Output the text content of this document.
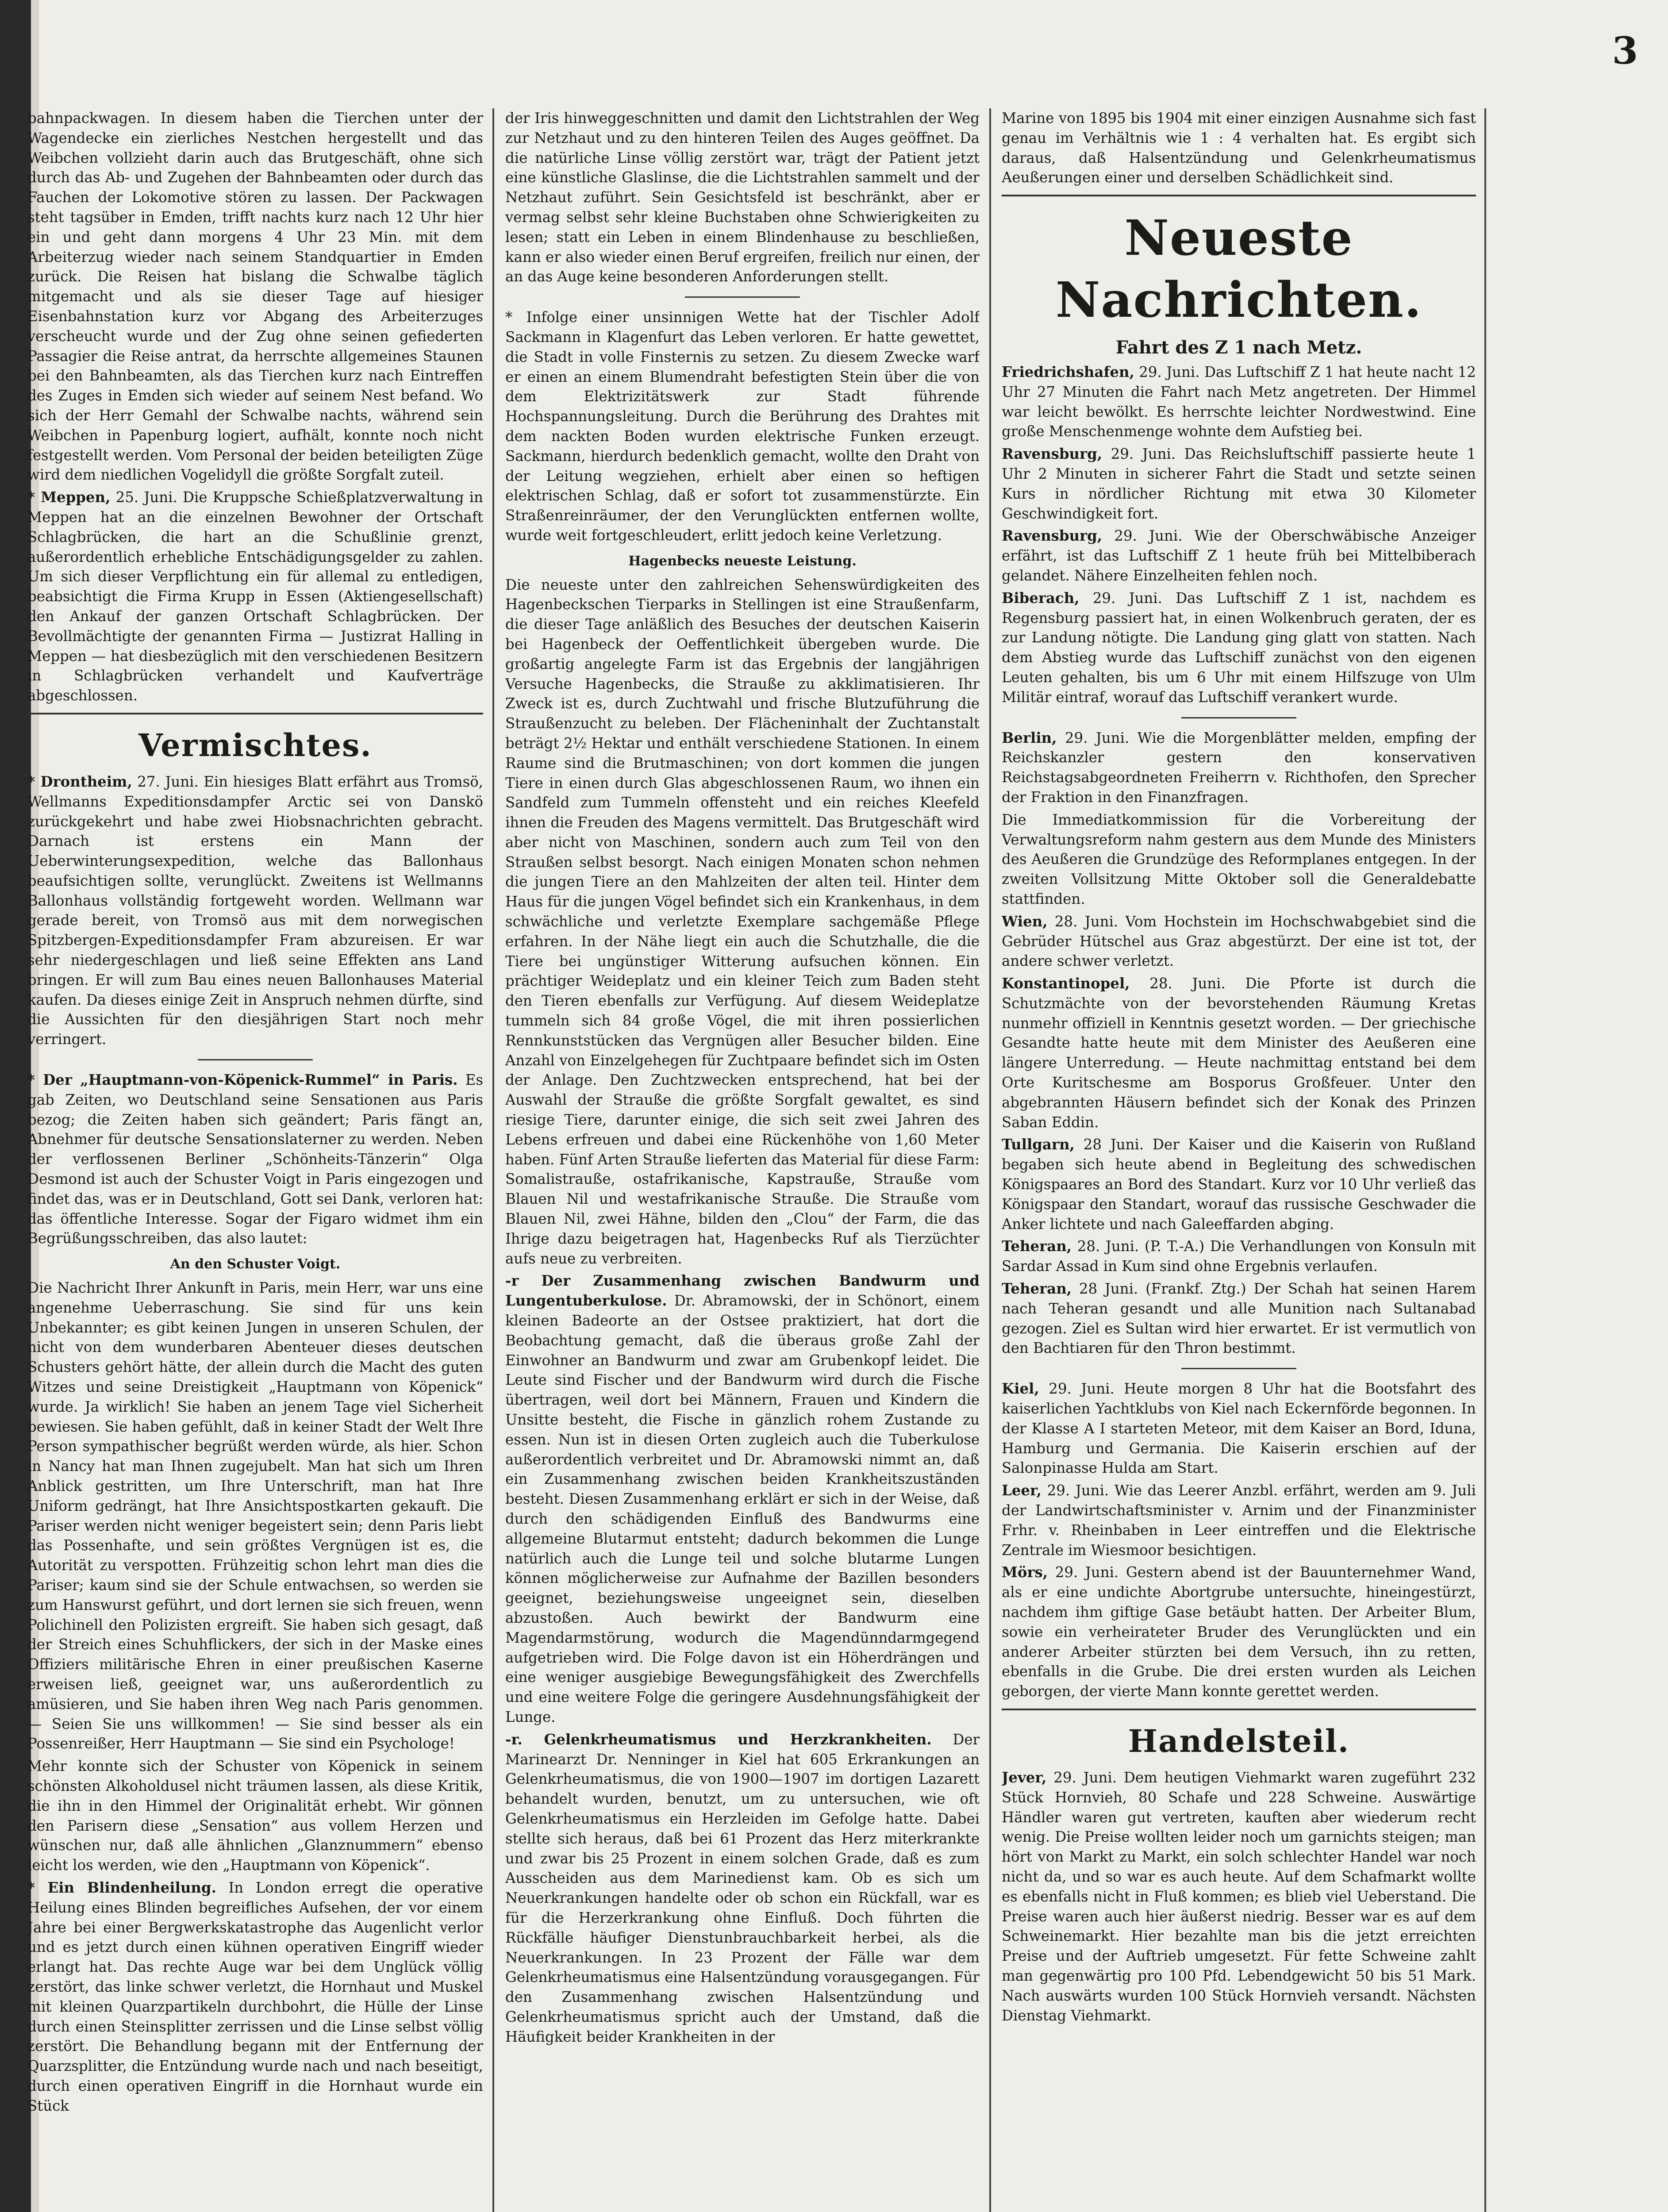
3
bahnpackwagen. In diesem haben die Tierchen unter der Wagendecke ein zierliches Nestchen hergestellt und das Weibchen vollzieht darin auch das Brutgeschäft, ohne sich durch das Ab- und Zugehen der Bahnbeamten oder durch das Fauchen der Lokomotive stören zu lassen. Der Packwagen steht tagsüber in Emden, trifft nachts kurz nach 12 Uhr hier ein und geht dann morgens 4 Uhr 23 Min. mit dem Arbeiterzug wieder nach seinem Standquartier in Emden zurück. Die Reisen hat bislang die Schwalbe täglich mitgemacht und als sie dieser Tage auf hiesiger Eisenbahnstation kurz vor Abgang des Arbeiterzuges verscheucht wurde und der Zug ohne seinen gefiederten Passagier die Reise antrat, da herrschte allgemeines Staunen bei den Bahnbeamten, als das Tierchen kurz nach Eintreffen des Zuges in Emden sich wieder auf seinem Nest befand. Wo sich der Herr Gemahl der Schwalbe nachts, während sein Weibchen in Papenburg logiert, aufhält, konnte noch nicht festgestellt werden. Vom Personal der beiden beteiligten Züge wird dem niedlichen Vogelidyll die größte Sorgfalt zuteil.
* Meppen, 25. Juni. Die Kruppsche Schießplatzverwaltung in Meppen hat an die einzelnen Bewohner der Ortschaft Schlagbrücken, die hart an die Schußlinie grenzt, außerordentlich erhebliche Entschädigungsgelder zu zahlen. Um sich dieser Verpflichtung ein für allemal zu entledigen, beabsichtigt die Firma Krupp in Essen (Aktiengesellschaft) den Ankauf der ganzen Ortschaft Schlagbrücken. Der Bevollmächtigte der genannten Firma — Justizrat Halling in Meppen — hat diesbezüglich mit den verschiedenen Besitzern in Schlagbrücken verhandelt und Kaufverträge abgeschlossen.
Vermischtes.
* Drontheim, 27. Juni. Ein hiesiges Blatt erfährt aus Tromsö, Wellmanns Expeditionsdampfer Arctic sei von Danskö zurückgekehrt und habe zwei Hiobsnachrichten gebracht. Darnach ist erstens ein Mann der Ueberwinterungsexpedition, welche das Ballonhaus beaufsichtigen sollte, verunglückt. Zweitens ist Wellmanns Ballonhaus vollständig fortgeweht worden. Wellmann war gerade bereit, von Tromsö aus mit dem norwegischen Spitzbergen-Expeditionsdampfer Fram abzureisen. Er war sehr niedergeschlagen und ließ seine Effekten ans Land bringen. Er will zum Bau eines neuen Ballonhauses Material kaufen. Da dieses einige Zeit in Anspruch nehmen dürfte, sind die Aussichten für den diesjährigen Start noch mehr verringert.
* Der „Hauptmann-von-Köpenick-Rummel“ in Paris. Es gab Zeiten, wo Deutschland seine Sensationen aus Paris bezog; die Zeiten haben sich geändert; Paris fängt an, Abnehmer für deutsche Sensationslaterner zu werden. Neben der verflossenen Berliner „Schönheits-Tänzerin“ Olga Desmond ist auch der Schuster Voigt in Paris eingezogen und findet das, was er in Deutschland, Gott sei Dank, verloren hat: das öffentliche Interesse. Sogar der Figaro widmet ihm ein Begrüßungsschreiben, das also lautet:
An den Schuster Voigt.
Die Nachricht Ihrer Ankunft in Paris, mein Herr, war uns eine angenehme Ueberraschung. Sie sind für uns kein Unbekannter; es gibt keinen Jungen in unseren Schulen, der nicht von dem wunderbaren Abenteuer dieses deutschen Schusters gehört hätte, der allein durch die Macht des guten Witzes und seine Dreistigkeit „Hauptmann von Köpenick“ wurde. Ja wirklich! Sie haben an jenem Tage viel Sicherheit bewiesen. Sie haben gefühlt, daß in keiner Stadt der Welt Ihre Person sympathischer begrüßt werden würde, als hier. Schon in Nancy hat man Ihnen zugejubelt. Man hat sich um Ihren Anblick gestritten, um Ihre Unterschrift, man hat Ihre Uniform gedrängt, hat Ihre Ansichtspostkarten gekauft. Die Pariser werden nicht weniger begeistert sein; denn Paris liebt das Possenhafte, und sein größtes Vergnügen ist es, die Autorität zu verspotten. Frühzeitig schon lehrt man dies die Pariser; kaum sind sie der Schule entwachsen, so werden sie zum Hanswurst geführt, und dort lernen sie sich freuen, wenn Polichinell den Polizisten ergreift. Sie haben sich gesagt, daß der Streich eines Schuhflickers, der sich in der Maske eines Offiziers militärische Ehren in einer preußischen Kaserne erweisen ließ, geeignet war, uns außerordentlich zu amüsieren, und Sie haben ihren Weg nach Paris genommen. — Seien Sie uns willkommen! — Sie sind besser als ein Possenreißer, Herr Hauptmann — Sie sind ein Psychologe!
Mehr konnte sich der Schuster von Köpenick in seinem schönsten Alkoholdusel nicht träumen lassen, als diese Kritik, die ihn in den Himmel der Originalität erhebt. Wir gönnen den Parisern diese „Sensation“ aus vollem Herzen und wünschen nur, daß alle ähnlichen „Glanznummern“ ebenso leicht los werden, wie den „Hauptmann von Köpenick“.
* Ein Blindenheilung. In London erregt die operative Heilung eines Blinden begreifliches Aufsehen, der vor einem Jahre bei einer Bergwerkskatastrophe das Augenlicht verlor und es jetzt durch einen kühnen operativen Eingriff wieder erlangt hat. Das rechte Auge war bei dem Unglück völlig zerstört, das linke schwer verletzt, die Hornhaut und Muskel mit kleinen Quarzpartikeln durchbohrt, die Hülle der Linse durch einen Steinsplitter zerrissen und die Linse selbst völlig zerstört. Die Behandlung begann mit der Entfernung der Quarzsplitter, die Entzündung wurde nach und nach beseitigt, durch einen operativen Eingriff in die Hornhaut wurde ein Stück
der Iris hinweggeschnitten und damit den Lichtstrahlen der Weg zur Netzhaut und zu den hinteren Teilen des Auges geöffnet. Da die natürliche Linse völlig zerstört war, trägt der Patient jetzt eine künstliche Glaslinse, die die Lichtstrahlen sammelt und der Netzhaut zuführt. Sein Gesichtsfeld ist beschränkt, aber er vermag selbst sehr kleine Buchstaben ohne Schwierigkeiten zu lesen; statt ein Leben in einem Blindenhause zu beschließen, kann er also wieder einen Beruf ergreifen, freilich nur einen, der an das Auge keine besonderen Anforderungen stellt.
* Infolge einer unsinnigen Wette hat der Tischler Adolf Sackmann in Klagenfurt das Leben verloren. Er hatte gewettet, die Stadt in volle Finsternis zu setzen. Zu diesem Zwecke warf er einen an einem Blumendraht befestigten Stein über die von dem Elektrizitätswerk zur Stadt führende Hochspannungsleitung. Durch die Berührung des Drahtes mit dem nackten Boden wurden elektrische Funken erzeugt. Sackmann, hierdurch bedenklich gemacht, wollte den Draht von der Leitung wegziehen, erhielt aber einen so heftigen elektrischen Schlag, daß er sofort tot zusammenstürzte. Ein Straßenreinräumer, der den Verunglückten entfernen wollte, wurde weit fortgeschleudert, erlitt jedoch keine Verletzung.
Hagenbecks neueste Leistung.
Die neueste unter den zahlreichen Sehenswürdigkeiten des Hagenbeckschen Tierparks in Stellingen ist eine Straußenfarm, die dieser Tage anläßlich des Besuches der deutschen Kaiserin bei Hagenbeck der Oeffentlichkeit übergeben wurde. Die großartig angelegte Farm ist das Ergebnis der langjährigen Versuche Hagenbecks, die Strauße zu akklimatisieren. Ihr Zweck ist es, durch Zuchtwahl und frische Blutzuführung die Straußenzucht zu beleben. Der Flächeninhalt der Zuchtanstalt beträgt 2½ Hektar und enthält verschiedene Stationen. In einem Raume sind die Brutmaschinen; von dort kommen die jungen Tiere in einen durch Glas abgeschlossenen Raum, wo ihnen ein Sandfeld zum Tummeln offensteht und ein reiches Kleefeld ihnen die Freuden des Magens vermittelt. Das Brutgeschäft wird aber nicht von Maschinen, sondern auch zum Teil von den Straußen selbst besorgt. Nach einigen Monaten schon nehmen die jungen Tiere an den Mahlzeiten der alten teil. Hinter dem Haus für die jungen Vögel befindet sich ein Krankenhaus, in dem schwächliche und verletzte Exemplare sachgemäße Pflege erfahren. In der Nähe liegt ein auch die Schutzhalle, die die Tiere bei ungünstiger Witterung aufsuchen können. Ein prächtiger Weideplatz und ein kleiner Teich zum Baden steht den Tieren ebenfalls zur Verfügung. Auf diesem Weideplatze tummeln sich 84 große Vögel, die mit ihren possierlichen Rennkunststücken das Vergnügen aller Besucher bilden. Eine Anzahl von Einzelgehegen für Zuchtpaare befindet sich im Osten der Anlage. Den Zuchtzwecken entsprechend, hat bei der Auswahl der Strauße die größte Sorgfalt gewaltet, es sind riesige Tiere, darunter einige, die sich seit zwei Jahren des Lebens erfreuen und dabei eine Rückenhöhe von 1,60 Meter haben. Fünf Arten Strauße lieferten das Material für diese Farm: Somalistrauße, ostafrikanische, Kapstrauße, Strauße vom Blauen Nil und westafrikanische Strauße. Die Strauße vom Blauen Nil, zwei Hähne, bilden den „Clou“ der Farm, die das Ihrige dazu beigetragen hat, Hagenbecks Ruf als Tierzüchter aufs neue zu verbreiten.
-r Der Zusammenhang zwischen Bandwurm und Lungentuberkulose. Dr. Abramowski, der in Schönort, einem kleinen Badeorte an der Ostsee praktiziert, hat dort die Beobachtung gemacht, daß die überaus große Zahl der Einwohner an Bandwurm und zwar am Grubenkopf leidet. Die Leute sind Fischer und der Bandwurm wird durch die Fische übertragen, weil dort bei Männern, Frauen und Kindern die Unsitte besteht, die Fische in gänzlich rohem Zustande zu essen. Nun ist in diesen Orten zugleich auch die Tuberkulose außerordentlich verbreitet und Dr. Abramowski nimmt an, daß ein Zusammenhang zwischen beiden Krankheitszuständen besteht. Diesen Zusammenhang erklärt er sich in der Weise, daß durch den schädigenden Einfluß des Bandwurms eine allgemeine Blutarmut entsteht; dadurch bekommen die Lunge natürlich auch die Lunge teil und solche blutarme Lungen können möglicherweise zur Aufnahme der Bazillen besonders geeignet, beziehungsweise ungeeignet sein, dieselben abzustoßen. Auch bewirkt der Bandwurm eine Magendarmstörung, wodurch die Magendünndarmgegend aufgetrieben wird. Die Folge davon ist ein Höherdrängen und eine weniger ausgiebige Bewegungsfähigkeit des Zwerchfells und eine weitere Folge die geringere Ausdehnungsfähigkeit der Lunge.
-r. Gelenkrheumatismus und Herzkrankheiten. Der Marinearzt Dr. Nenninger in Kiel hat 605 Erkrankungen an Gelenkrheumatismus, die von 1900—1907 im dortigen Lazarett behandelt wurden, benutzt, um zu untersuchen, wie oft Gelenkrheumatismus ein Herzleiden im Gefolge hatte. Dabei stellte sich heraus, daß bei 61 Prozent das Herz miterkrankte und zwar bis 25 Prozent in einem solchen Grade, daß es zum Ausscheiden aus dem Marinedienst kam. Ob es sich um Neuerkrankungen handelte oder ob schon ein Rückfall, war es für die Herzerkrankung ohne Einfluß. Doch führten die Rückfälle häufiger Dienstunbrauchbarkeit herbei, als die Neuerkrankungen. In 23 Prozent der Fälle war dem Gelenkrheumatismus eine Halsentzündung vorausgegangen. Für den Zusammenhang zwischen Halsentzündung und Gelenkrheumatismus spricht auch der Umstand, daß die Häufigkeit beider Krankheiten in der
Marine von 1895 bis 1904 mit einer einzigen Ausnahme sich fast genau im Verhältnis wie 1 : 4 verhalten hat. Es ergibt sich daraus, daß Halsentzündung und Gelenkrheumatismus Aeußerungen einer und derselben Schädlichkeit sind.
Neueste Nachrichten.
Fahrt des Z 1 nach Metz.
Friedrichshafen, 29. Juni. Das Luftschiff Z 1 hat heute nacht 12 Uhr 27 Minuten die Fahrt nach Metz angetreten. Der Himmel war leicht bewölkt. Es herrschte leichter Nordwestwind. Eine große Menschenmenge wohnte dem Aufstieg bei.
Ravensburg, 29. Juni. Das Reichsluftschiff passierte heute 1 Uhr 2 Minuten in sicherer Fahrt die Stadt und setzte seinen Kurs in nördlicher Richtung mit etwa 30 Kilometer Geschwindigkeit fort.
Ravensburg, 29. Juni. Wie der Oberschwäbische Anzeiger erfährt, ist das Luftschiff Z 1 heute früh bei Mittelbiberach gelandet. Nähere Einzelheiten fehlen noch.
Biberach, 29. Juni. Das Luftschiff Z 1 ist, nachdem es Regensburg passiert hat, in einen Wolkenbruch geraten, der es zur Landung nötigte. Die Landung ging glatt von statten. Nach dem Abstieg wurde das Luftschiff zunächst von den eigenen Leuten gehalten, bis um 6 Uhr mit einem Hilfszuge von Ulm Militär eintraf, worauf das Luftschiff verankert wurde.
Berlin, 29. Juni. Wie die Morgenblätter melden, empfing der Reichskanzler gestern den konservativen Reichstagsabgeordneten Freiherrn v. Richthofen, den Sprecher der Fraktion in den Finanzfragen.
Die Immediatkommission für die Vorbereitung der Verwaltungsreform nahm gestern aus dem Munde des Ministers des Aeußeren die Grundzüge des Reformplanes entgegen. In der zweiten Vollsitzung Mitte Oktober soll die Generaldebatte stattfinden.
Wien, 28. Juni. Vom Hochstein im Hochschwabgebiet sind die Gebrüder Hütschel aus Graz abgestürzt. Der eine ist tot, der andere schwer verletzt.
Konstantinopel, 28. Juni. Die Pforte ist durch die Schutzmächte von der bevorstehenden Räumung Kretas nunmehr offiziell in Kenntnis gesetzt worden. — Der griechische Gesandte hatte heute mit dem Minister des Aeußeren eine längere Unterredung. — Heute nachmittag entstand bei dem Orte Kuritschesme am Bosporus Großfeuer. Unter den abgebrannten Häusern befindet sich der Konak des Prinzen Saban Eddin.
Tullgarn, 28 Juni. Der Kaiser und die Kaiserin von Rußland begaben sich heute abend in Begleitung des schwedischen Königspaares an Bord des Standart. Kurz vor 10 Uhr verließ das Königspaar den Standart, worauf das russische Geschwader die Anker lichtete und nach Galeeffarden abging.
Teheran, 28. Juni. (P. T.-A.) Die Verhandlungen von Konsuln mit Sardar Assad in Kum sind ohne Ergebnis verlaufen.
Teheran, 28 Juni. (Frankf. Ztg.) Der Schah hat seinen Harem nach Teheran gesandt und alle Munition nach Sultanabad gezogen. Ziel es Sultan wird hier erwartet. Er ist vermutlich von den Bachtiaren für den Thron bestimmt.
Kiel, 29. Juni. Heute morgen 8 Uhr hat die Bootsfahrt des kaiserlichen Yachtklubs von Kiel nach Eckernförde begonnen. In der Klasse A I starteten Meteor, mit dem Kaiser an Bord, Iduna, Hamburg und Germania. Die Kaiserin erschien auf der Salonpinasse Hulda am Start.
Leer, 29. Juni. Wie das Leerer Anzbl. erfährt, werden am 9. Juli der Landwirtschaftsminister v. Arnim und der Finanzminister Frhr. v. Rheinbaben in Leer eintreffen und die Elektrische Zentrale im Wiesmoor besichtigen.
Mörs, 29. Juni. Gestern abend ist der Bauunternehmer Wand, als er eine undichte Abortgrube untersuchte, hineingestürzt, nachdem ihm giftige Gase betäubt hatten. Der Arbeiter Blum, sowie ein verheirateter Bruder des Verunglückten und ein anderer Arbeiter stürzten bei dem Versuch, ihn zu retten, ebenfalls in die Grube. Die drei ersten wurden als Leichen geborgen, der vierte Mann konnte gerettet werden.
Handelsteil.
Jever, 29. Juni. Dem heutigen Viehmarkt waren zugeführt 232 Stück Hornvieh, 80 Schafe und 228 Schweine. Auswärtige Händler waren gut vertreten, kauften aber wiederum recht wenig. Die Preise wollten leider noch um garnichts steigen; man hört von Markt zu Markt, ein solch schlechter Handel war noch nicht da, und so war es auch heute. Auf dem Schafmarkt wollte es ebenfalls nicht in Fluß kommen; es blieb viel Ueberstand. Die Preise waren auch hier äußerst niedrig. Besser war es auf dem Schweinemarkt. Hier bezahlte man bis die jetzt erreichten Preise und der Auftrieb umgesetzt. Für fette Schweine zahlt man gegenwärtig pro 100 Pfd. Lebendgewicht 50 bis 51 Mark. Nach auswärts wurden 100 Stück Hornvieh versandt. Nächsten Dienstag Viehmarkt.
